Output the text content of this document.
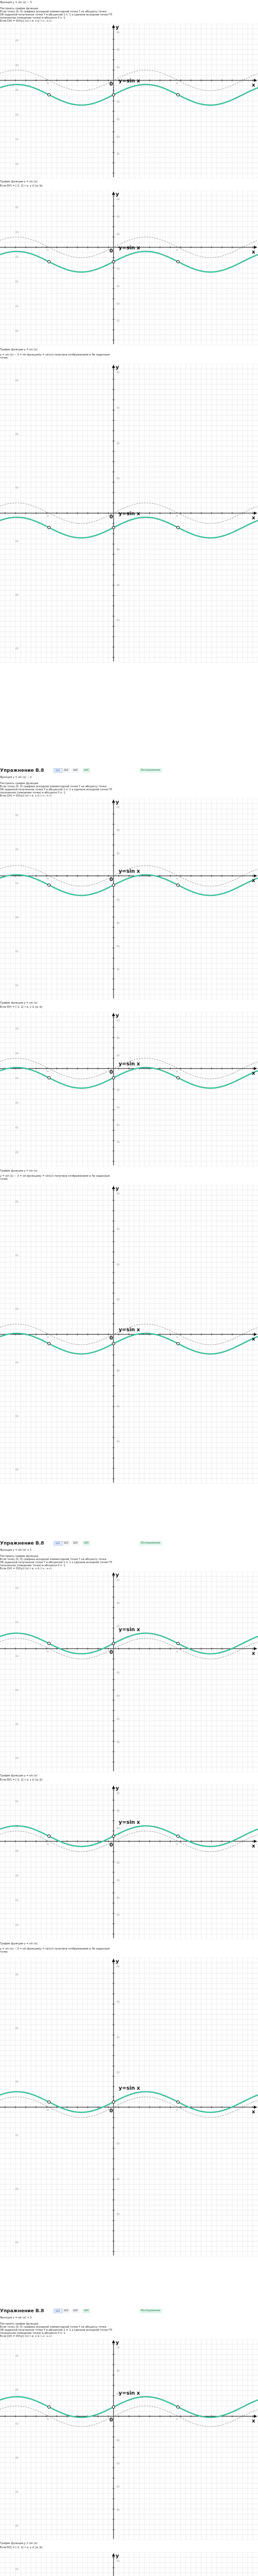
Функция y = sin (x) − 3
Построить график функции
Если точку (0; 0) графика исходной элементарной точки Y на абсциссу точки
Об заданной полученное точки Y в абсциссой 1 п. 1 а сделала исходной точки ГП
показанное (смещение точки) в абсциссе 0 п. 1.
Если D(f) = D(f(y)) (x) т.е. x ∈ (-∞; +∞)
y=sin x
y
x
0	π
-π
(1)
(1)
(1)
(1)
(1)
(1)
(1)
(1)
(1)
(1)
(1)
(1)
(1)
График функции y = sin (x)
Если E(f) = [-1; 1] т.е. y ∈ [a; b]
y=sin x
y
x
0	π
-π
(1)
(1)
(1)
(1)
(1)
(1)
(1)
(1)
(1)
(1)
(1)
(1)
(1)
График функции y = sin (x)
у = sin (x) − 3 = sin функция(y = sin(x)) получена отображением в Ли заданным
точек
y=sin x
y
x
0	π
-π
(1)
(1)
(1)
(1)
(1)
(1)
(1)
(1)
(1)
(1)
(1)
(1)
(1)
Упражнение В.8	Ш1	Ш2	Ш3	Ш4	Исследование
Функция y = sin (x) − 2
Построить график функции
Если точку (0; 0) графика исходной элементарной точки Y на абсциссу точки
Об заданной полученное точки Y в абсциссой 1 п. 1 а сделала исходной точки ГП
показанное (смещение точки) в абсциссе 0 п. 1.
Если D(f) = D(f(y)) (x) т.е. x ∈ (-∞; +∞)
y=sin x
y
x
0	π
-π
(1)
(1)
(1)
(1)
(1)
(1)
(1)
(1)
(1)
(1)
(1)
(1)
(1)
График функции y = sin (x)
Если E(f) = [-1; 1] т.е. y ∈ [a; b]
y=sin x
y
x
0	π
-π
(1)
(1)
(1)
(1)
(1)
(1)
(1)
(1)
(1)
(1)
(1)
(1)
(1)
График функции y = sin (x)
у = sin (x) − 3 = sin функция(y = sin(x)) получена отображением в Ли заданным
точек
y=sin x
y
x
0	π
-π
(1)
(1)
(1)
(1)
(1)
(1)
(1)
(1)
(1)
(1)
(1)
(1)
(1)
Упражнение В.8	Ш1	Ш2	Ш3	Ш4	Исследование
Функция y = sin (x) + 1
Построить график функции
Если точку (0; 0) графика исходной элементарной точки Y на абсциссу точки
Об заданной полученное точки Y в абсциссой 1 п. 1 а сделала исходной точки ГП
показанное (смещение точки) в абсциссе 0 п. 1.
Если D(f) = D(f(y)) (x) т.е. x ∈ (-∞; +∞)
y=sin x
y
x
0	π
-π
(1)
(1)
(1)
(1)
(1)
(1)
(1)
(1)
(1)
(1)
(1)
(1)
(1)
График функции y = sin (x)
Если E(f) = [-1; 1] т.е. y ∈ [a; b]
y=sin x
y
x
0	π
-π
(1)
(1)
(1)
(1)
(1)
(1)
(1)
(1)
(1)
(1)
(1)
(1)
(1)
График функции y = sin (x)
у = sin (x) − 3 = sin функция(y = sin(x)) получена отображением в Ли заданным
точек
y=sin x
y
x
0	π
-π
(1)
(1)
(1)
(1)
(1)
(1)
(1)
(1)
(1)
(1)
(1)
(1)
(1)
Упражнение В.8	Ш1	Ш2	Ш3	Ш4	Исследование
Функция y = sin (x) + 2
Построить график функции
Если точку (0; 0) графика исходной элементарной точки Y на абсциссу точки
Об заданной полученное точки Y в абсциссой 1 п. 1 а сделала исходной точки ГП
показанное (смещение точки) в абсциссе 0 п. 1.
Если D(f) = D(f(y)) (x) т.е. x ∈ (-∞; +∞)
y=sin x
y
x
0	π
-π
(1)
(1)
(1)
(1)
(1)
(1)
(1)
(1)
(1)
(1)
(1)
(1)
(1)
График функции y = sin (x)
Если E(f) = [-1; 1] т.е. y ∈ [a; b]
y
(1)
(1)
